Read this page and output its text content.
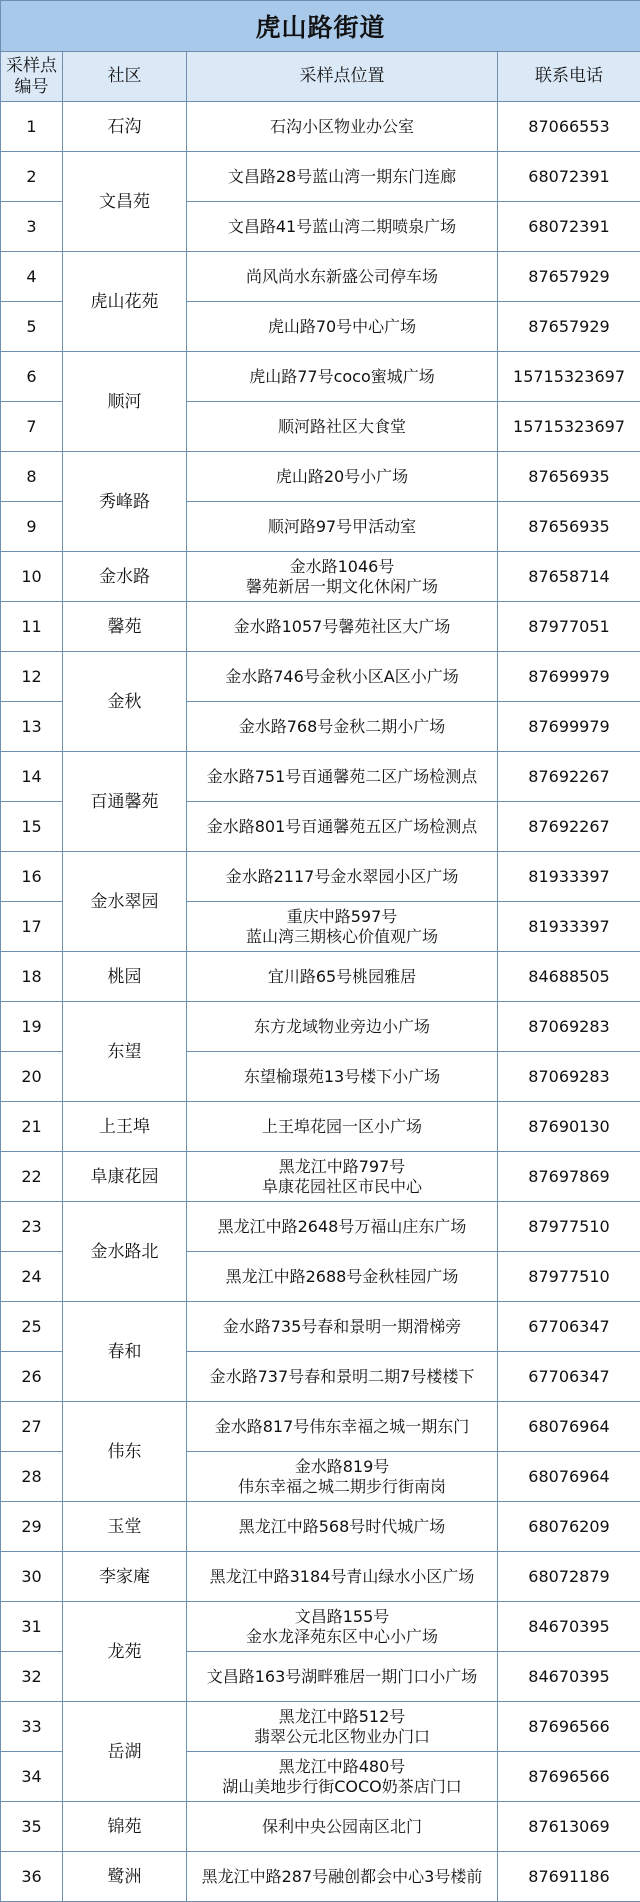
虎山路街道			

采样点
编号	社区	采样点位置	联系电话
1	石沟	石沟小区物业办公室	87066553
2	文昌苑	文昌路28号蓝山湾一期东门连廊	68072391
3		文昌路41号蓝山湾二期喷泉广场	68072391
4	虎山花苑	尚风尚水东新盛公司停车场	87657929
5		虎山路70号中心广场	87657929
6	顺河	虎山路77号coco蜜城广场	15715323697
7		顺河路社区大食堂	15715323697
8	秀峰路	虎山路20号小广场	87656935
9		顺河路97号甲活动室	87656935
10	金水路	金水路1046号
馨苑新居一期文化休闲广场	87658714
11	馨苑	金水路1057号馨苑社区大广场	87977051
12	金秋	金水路746号金秋小区A区小广场	87699979
13		金水路768号金秋二期小广场	87699979
14	百通馨苑	金水路751号百通馨苑二区广场检测点	87692267
15		金水路801号百通馨苑五区广场检测点	87692267
16	金水翠园	金水路2117号金水翠园小区广场	81933397
17		重庆中路597号
蓝山湾三期核心价值观广场	81933397
18	桃园	宜川路65号桃园雅居	84688505
19	东望	东方龙域物业旁边小广场	87069283
20		东望榆璟苑13号楼下小广场	87069283
21	上王埠	上王埠花园一区小广场	87690130
22	阜康花园	黑龙江中路797号
阜康花园社区市民中心	87697869
23	金水路北	黑龙江中路2648号万福山庄东广场	87977510
24		黑龙江中路2688号金秋桂园广场	87977510
25	春和	金水路735号春和景明一期滑梯旁	67706347
26		金水路737号春和景明二期7号楼楼下	67706347
27	伟东	金水路817号伟东幸福之城一期东门	68076964
28		金水路819号
伟东幸福之城二期步行街南岗	68076964
29	玉堂	黑龙江中路568号时代城广场	68076209
30	李家庵	黑龙江中路3184号青山绿水小区广场	68072879
31	龙苑	文昌路155号
金水龙泽苑东区中心小广场	84670395
32		文昌路163号湖畔雅居一期门口小广场	84670395
33	岳湖	黑龙江中路512号
翡翠公元北区物业办门口	87696566
34		黑龙江中路480号
湖山美地步行街COCO奶茶店门口	87696566
35	锦苑	保利中央公园南区北门	87613069
36	鹭洲	黑龙江中路287号融创都会中心3号楼前	87691186
